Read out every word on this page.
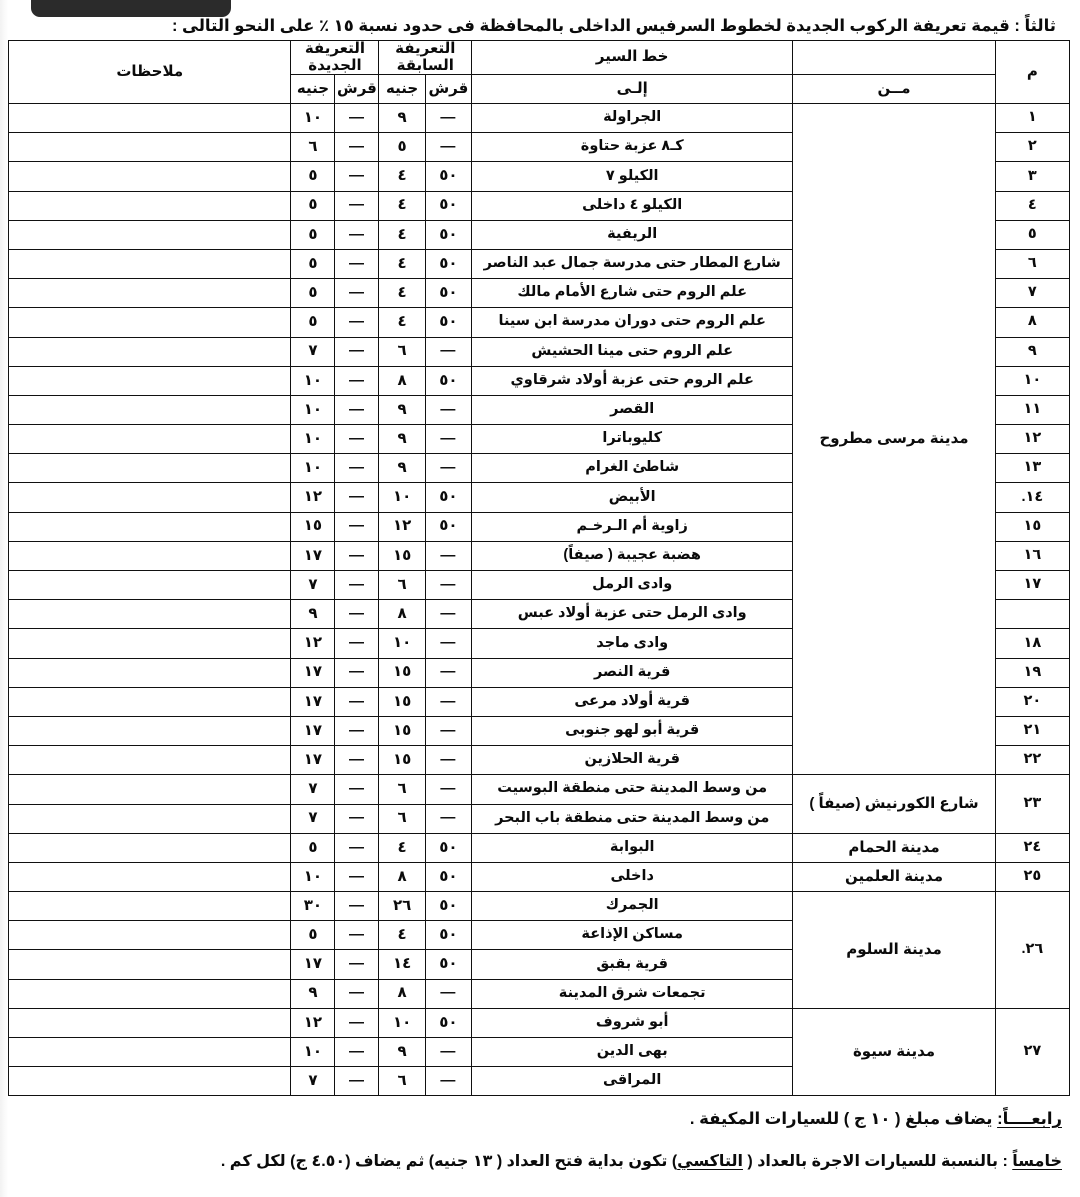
ثالثاً : قيمة تعريفة الركوب الجديدة لخطوط السرفيس الداخلى بالمحافظة فى حدود نسبة ١٥ ٪ على النحو التالى :
م		خط السير	التعريفة السابقة		التعريفة الجديدة		ملاحظات
	مــن	إلـى	قرش	جنيه	قرش	جنيه	
١	مدينة مرسى مطروح	الجراولة	—	٩	—	١٠	
٢		كـ٨ عزبة حتاوة	—	٥	—	٦	
٣		الكيلو ٧	٥٠	٤	—	٥	
٤		الكيلو ٤ داخلى	٥٠	٤	—	٥	
٥		الريفية	٥٠	٤	—	٥	
٦		شارع المطار حتى مدرسة جمال عبد الناصر	٥٠	٤	—	٥	
٧		علم الروم حتى شارع الأمام مالك	٥٠	٤	—	٥	
٨		علم الروم حتى دوران مدرسة ابن سينا	٥٠	٤	—	٥	
٩		علم الروم حتى مينا الحشيش	—	٦	—	٧	
١٠		علم الروم حتى عزبة أولاد شرقاوي	٥٠	٨	—	١٠	
١١		القصر	—	٩	—	١٠	
١٢		كليوباترا	—	٩	—	١٠	
١٣		شاطئ الغرام	—	٩	—	١٠	
١٤.		الأبيض	٥٠	١٠	—	١٢	
١٥		زاوية أم الـرخـم	٥٠	١٢	—	١٥	
١٦		هضبة عجيبة ( صيفاً)	—	١٥	—	١٧	
١٧		وادى الرمل	—	٦	—	٧	
		وادى الرمل حتى عزبة أولاد عبس	—	٨	—	٩	
١٨		وادى ماجد	—	١٠	—	١٢	
١٩		قرية النصر	—	١٥	—	١٧	
٢٠		قرية أولاد مرعى	—	١٥	—	١٧	
٢١		قرية أبو لهو جنوبى	—	١٥	—	١٧	
٢٢		قرية الحلازين	—	١٥	—	١٧	
٢٣	شارع الكورنيش (صيفاً )	من وسط المدينة حتى منطقة البوسيت	—	٦	—	٧	
		من وسط المدينة حتى منطقة باب البحر	—	٦	—	٧	
٢٤	مدينة الحمام	البوابة	٥٠	٤	—	٥	
٢٥	مدينة العلمين	داخلى	٥٠	٨	—	١٠	
٢٦.	مدينة السلوم	الجمرك	٥٠	٢٦	—	٣٠	
		مساكن الإذاعة	٥٠	٤	—	٥	
		قرية بقبق	٥٠	١٤	—	١٧	
		تجمعات شرق المدينة	—	٨	—	٩	
٢٧	مدينة سيوة	أبو شروف	٥٠	١٠	—	١٢	
		بهى الدين	—	٩	—	١٠	
		المراقى	—	٦	—	٧	

رابعــــاً: يضاف مبلغ ( ١٠ ج ) للسيارات المكيفة .

خامساً : بالنسبة للسيارات الاجرة بالعداد ( التاكسي) تكون بداية فتح العداد ( ١٣ جنيه) ثم يضاف (٤.٥٠ ج) لكل كم .
